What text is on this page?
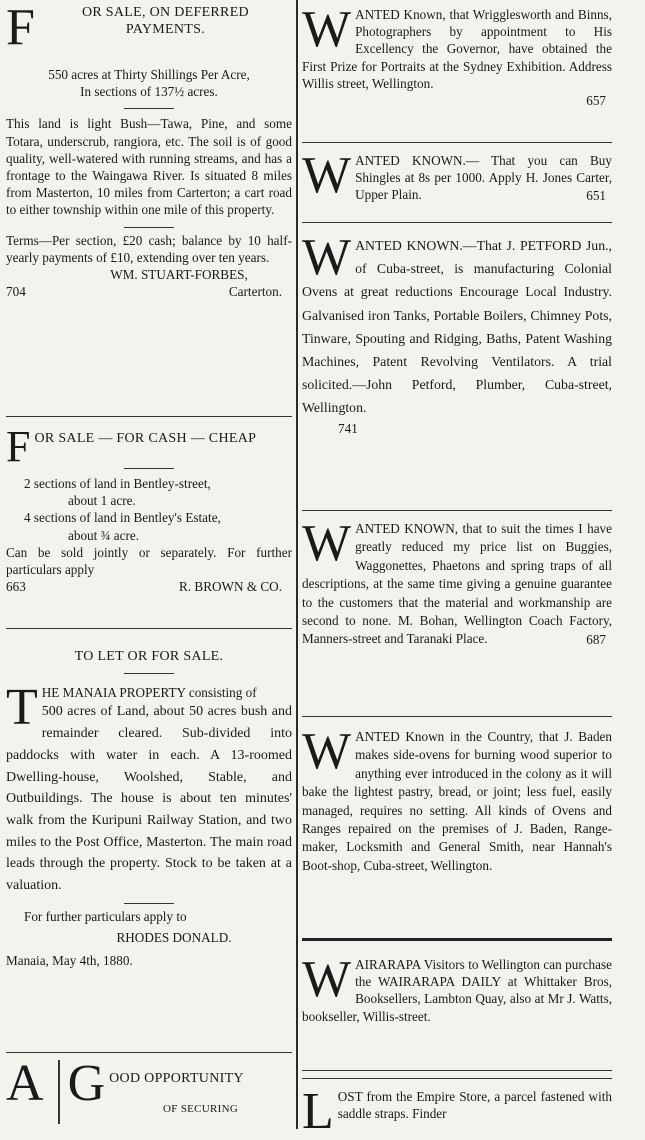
F	OR SALE, ON DEFERRED

PAYMENTS.

550 acres at Thirty Shillings Per Acre,

In sections of 137½ acres.

This land is light Bush—Tawa, Pine, and some Totara, underscrub, rangiora, etc. The soil is of good quality, well-watered with running streams, and has a frontage to the Waingawa River. Is situated 8 miles from Masterton, 10 miles from Carterton; a cart road to either township within one mile of this property.

Terms—Per section, £20 cash; balance by 10 half-yearly payments of £10, extending over ten years.

WM. STUART-FORBES,

704	Carterton.
F OR SALE — FOR CASH — CHEAP

2 sections of land in Bentley-street,

about 1 acre.

4 sections of land in Bentley's Estate,

about ¾ acre.

Can be sold jointly or separately. For further particulars apply

663	R. BROWN & CO.

TO LET OR FOR SALE.

T HE MANAIA PROPERTY consisting of

500 acres of Land, about 50 acres bush and remainder cleared. Sub-divided into paddocks with water in each. A 13-roomed Dwelling-house, Woolshed, Stable, and Outbuildings. The house is about ten minutes' walk from the Kuripuni Railway Station, and two miles to the Post Office, Masterton. The main road leads through the property. Stock to be taken at a valuation.

For further particulars apply to

RHODES DONALD.

Manaia, May 4th, 1880.

A G OOD OPPORTUNITY

OF SECURING

W ANTED Known, that Wrigglesworth and Binns, Photographers by appointment to His Excellency the Governor, have obtained the First Prize for Portraits at the Sydney Exhibition. Address Willis street, Wellington.

657

W ANTED KNOWN.— That you can Buy Shingles at 8s per 1000. Apply H. Jones Carter, Upper Plain.	651

W ANTED KNOWN.—That J. PETFORD Jun., of Cuba-street, is manufacturing Colonial Ovens at great reductions Encourage Local Industry. Galvanised iron Tanks, Portable Boilers, Chimney Pots, Tinware, Spouting and Ridging, Baths, Patent Washing Machines, Patent Revolving Ventilators. A trial solicited.—John Petford, Plumber, Cuba-street, Wellington.

741

W ANTED KNOWN, that to suit the times I have greatly reduced my price list on Buggies, Waggonettes, Phaetons and spring traps of all descriptions, at the same time giving a genuine guarantee to the customers that the material and workmanship are second to none. M. Bohan, Wellington Coach Factory, Manners-street and Taranaki Place.	687

W ANTED Known in the Country, that J. Baden makes side-ovens for burning wood superior to anything ever introduced in the colony as it will bake the lightest pastry, bread, or joint; less fuel, easily managed, requires no setting. All kinds of Ovens and Ranges repaired on the premises of J. Baden, Range-maker, Locksmith and General Smith, near Hannah's Boot-shop, Cuba-street, Wellington.

W AIRARAPA Visitors to Wellington can purchase the WAIRARAPA DAILY at Whittaker Bros, Booksellers, Lambton Quay, also at Mr J. Watts, bookseller, Willis-street.

L OST from the Empire Store, a parcel fastened with saddle straps. Finder
